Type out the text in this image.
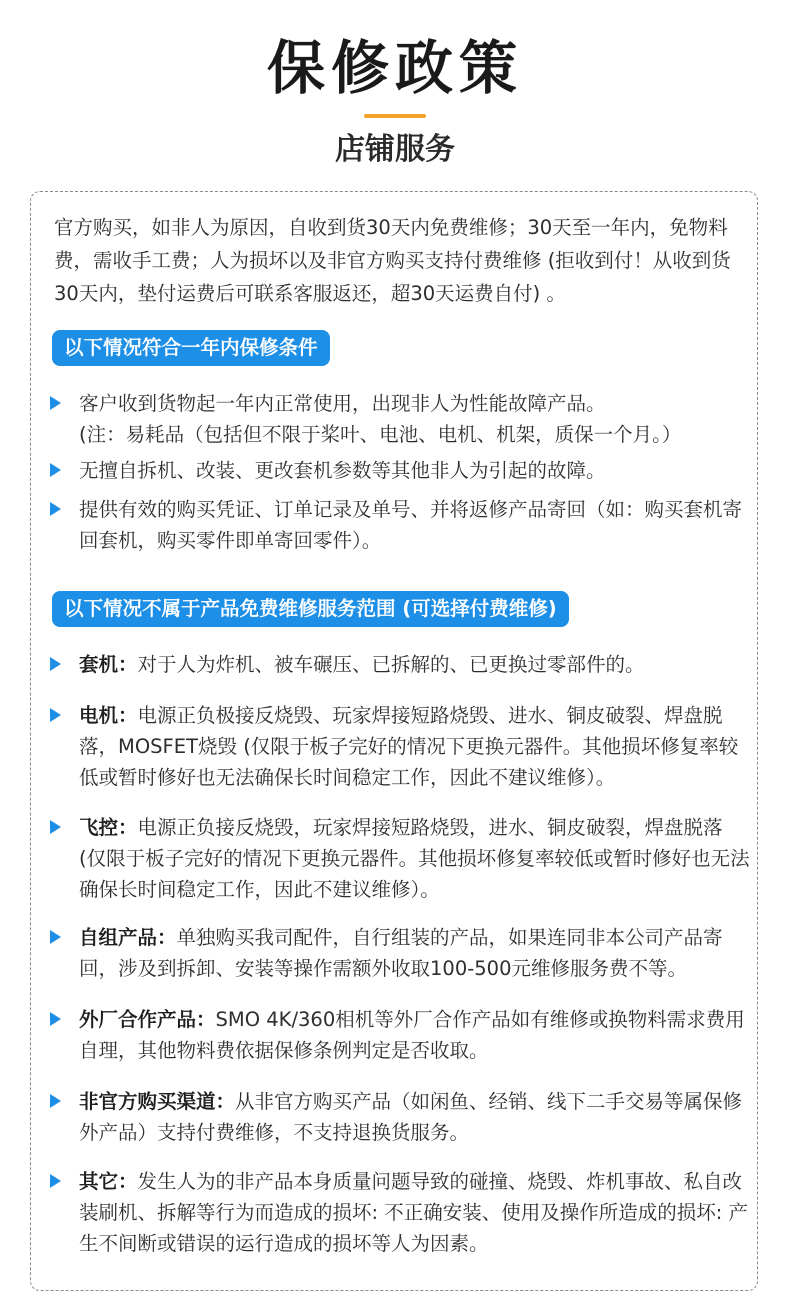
保修政策
店铺服务

官方购买，如非人为原因，自收到货30天内免费维修；30天至一年内，免物料费，需收手工费；人为损坏以及非官方购买支持付费维修 (拒收到付！从收到货30天内，垫付运费后可联系客服返还，超30天运费自付) 。

以下情况符合一年内保修条件
客户收到货物起一年内正常使用，出现非人为性能故障产品。
(注：易耗品（包括但不限于桨叶、电池、电机、机架，质保一个月。）
无擅自拆机、改装、更改套机参数等其他非人为引起的故障。
提供有效的购买凭证、订单记录及单号、并将返修产品寄回（如：购买套机寄回套机，购买零件即单寄回零件）。
以下情况不属于产品免费维修服务范围 (可选择付费维修)
套机：对于人为炸机、被车碾压、已拆解的、已更换过零部件的。
电机：电源正负极接反烧毁、玩家焊接短路烧毁、进水、铜皮破裂、焊盘脱落，MOSFET烧毁 (仅限于板子完好的情况下更换元器件。其他损坏修复率较低或暂时修好也无法确保长时间稳定工作，因此不建议维修）。
飞控：电源正负接反烧毁，玩家焊接短路烧毁，进水、铜皮破裂，焊盘脱落 (仅限于板子完好的情况下更换元器件。其他损坏修复率较低或暂时修好也无法确保长时间稳定工作，因此不建议维修）。
自组产品：单独购买我司配件，自行组装的产品，如果连同非本公司产品寄回，涉及到拆卸、安装等操作需额外收取100-500元维修服务费不等。
外厂合作产品：SMO 4K/360相机等外厂合作产品如有维修或换物料需求费用自理，其他物料费依据保修条例判定是否收取。
非官方购买渠道：从非官方购买产品（如闲鱼、经销、线下二手交易等属保修外产品）支持付费维修，不支持退换货服务。
其它：发生人为的非产品本身质量问题导致的碰撞、烧毁、炸机事故、私自改装刷机、拆解等行为而造成的损坏: 不正确安装、使用及操作所造成的损坏: 产生不间断或错误的运行造成的损坏等人为因素。
